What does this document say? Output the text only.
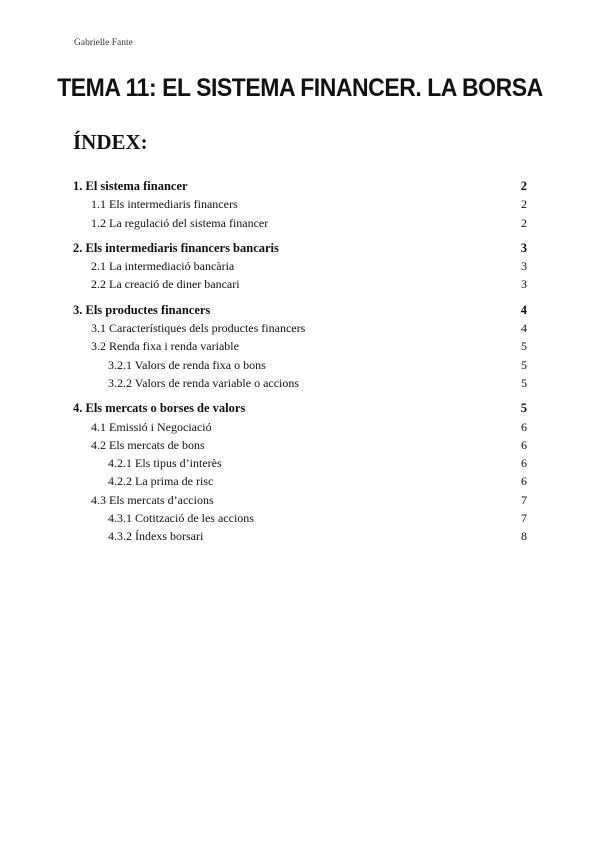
Gabrielle Fante
TEMA 11: EL SISTEMA FINANCER. LA BORSA
ÍNDEX:
1. El sistema financer	2
1.1 Els intermediaris financers	2
1.2 La regulació del sistema financer	2
2. Els intermediaris financers bancaris	3
2.1 La intermediació bancària	3
2.2 La creació de diner bancari	3
3. Els productes financers	4
3.1 Característiques dels productes financers	4
3.2 Renda fixa i renda variable	5
3.2.1 Valors de renda fixa o bons	5
3.2.2 Valors de renda variable o accions	5
4. Els mercats o borses de valors	5
4.1 Emissió i Negociació	6
4.2 Els mercats de bons	6
4.2.1 Els tipus d’interès	6
4.2.2 La prima de risc	6
4.3 Els mercats d’accions	7
4.3.1 Cotització de les accions	7
4.3.2 Índexs borsari	8
